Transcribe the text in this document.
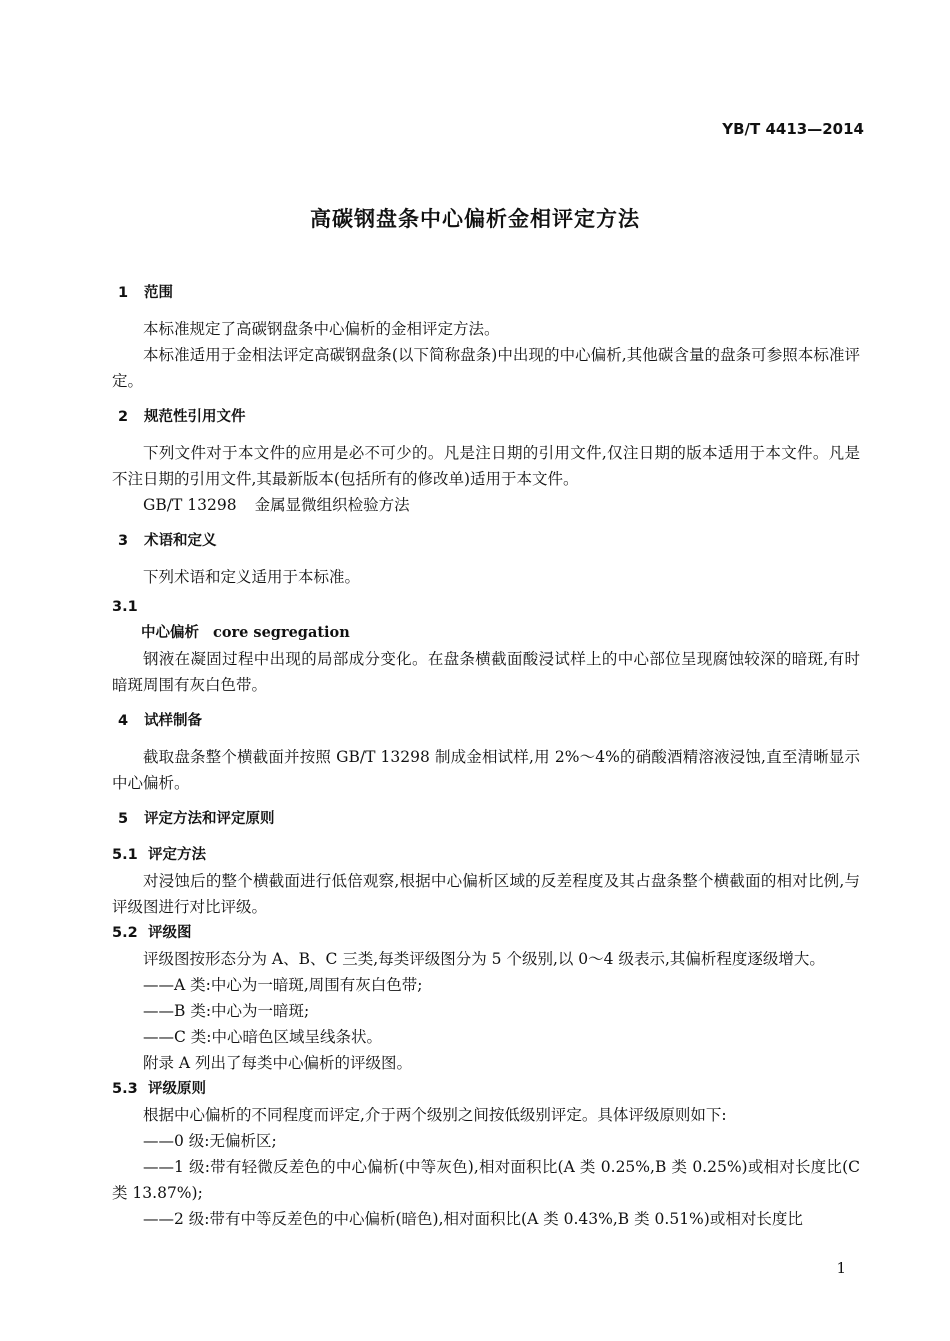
YB/T 4413—2014
高碳钢盘条中心偏析金相评定方法
1 范围
本标准规定了高碳钢盘条中心偏析的金相评定方法。
本标准适用于金相法评定高碳钢盘条(以下简称盘条)中出现的中心偏析,其他碳含量的盘条可参照本标准评定。
2 规范性引用文件
下列文件对于本文件的应用是必不可少的。凡是注日期的引用文件,仅注日期的版本适用于本文件。凡是不注日期的引用文件,其最新版本(包括所有的修改单)适用于本文件。
GB/T 13298 金属显微组织检验方法
3 术语和定义
下列术语和定义适用于本标准。
3.1
中心偏析 core segregation
钢液在凝固过程中出现的局部成分变化。在盘条横截面酸浸试样上的中心部位呈现腐蚀较深的暗斑,有时暗斑周围有灰白色带。
4 试样制备
截取盘条整个横截面并按照 GB/T 13298 制成金相试样,用 2%～4%的硝酸酒精溶液浸蚀,直至清晰显示中心偏析。
5 评定方法和评定原则
5.1 评定方法
对浸蚀后的整个横截面进行低倍观察,根据中心偏析区域的反差程度及其占盘条整个横截面的相对比例,与评级图进行对比评级。
5.2 评级图
评级图按形态分为 A、B、C 三类,每类评级图分为 5 个级别,以 0～4 级表示,其偏析程度逐级增大。
——A 类:中心为一暗斑,周围有灰白色带;
——B 类:中心为一暗斑;
——C 类:中心暗色区域呈线条状。
附录 A 列出了每类中心偏析的评级图。
5.3 评级原则
根据中心偏析的不同程度而评定,介于两个级别之间按低级别评定。具体评级原则如下:
——0 级:无偏析区;
——1 级:带有轻微反差色的中心偏析(中等灰色),相对面积比(A 类 0.25%,B 类 0.25%)或相对长度比(C 类 13.87%);
——2 级:带有中等反差色的中心偏析(暗色),相对面积比(A 类 0.43%,B 类 0.51%)或相对长度比
1
